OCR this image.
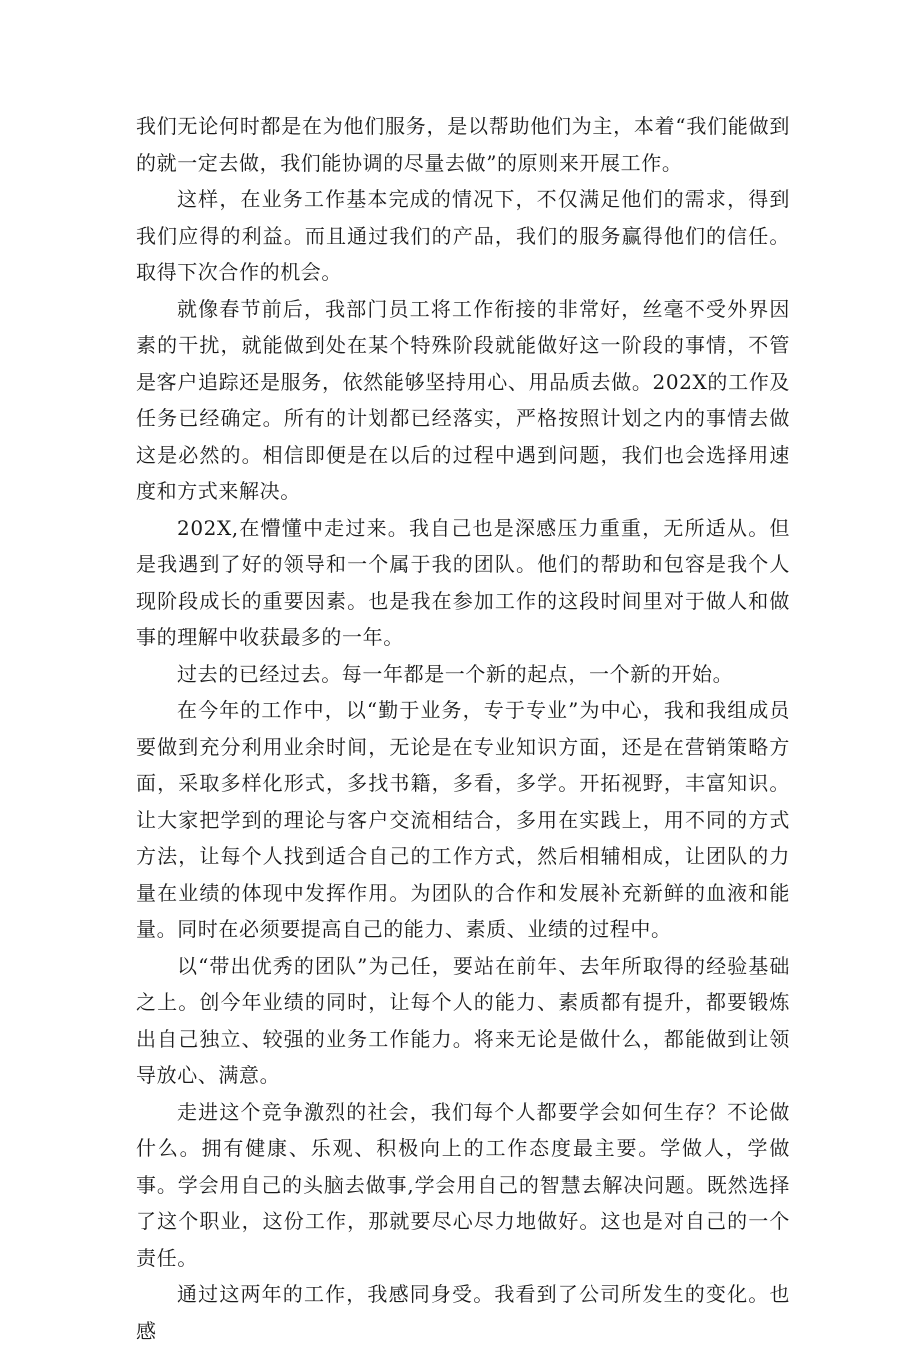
我们无论何时都是在为他们服务，是以帮助他们为主，本着“我们能做到的就一定去做，我们能协调的尽量去做”的原则来开展工作。

这样，在业务工作基本完成的情况下，不仅满足他们的需求，得到我们应得的利益。而且通过我们的产品，我们的服务赢得他们的信任。取得下次合作的机会。

就像春节前后，我部门员工将工作衔接的非常好，丝毫不受外界因素的干扰，就能做到处在某个特殊阶段就能做好这一阶段的事情，不管是客户追踪还是服务，依然能够坚持用心、用品质去做。202X的工作及任务已经确定。所有的计划都已经落实，严格按照计划之内的事情去做这是必然的。相信即便是在以后的过程中遇到问题，我们也会选择用速度和方式来解决。

202X,在懵懂中走过来。我自己也是深感压力重重，无所适从。但是我遇到了好的领导和一个属于我的团队。他们的帮助和包容是我个人现阶段成长的重要因素。也是我在参加工作的这段时间里对于做人和做事的理解中收获最多的一年。

过去的已经过去。每一年都是一个新的起点，一个新的开始。

在今年的工作中，以“勤于业务，专于专业”为中心，我和我组成员要做到充分利用业余时间，无论是在专业知识方面，还是在营销策略方面，采取多样化形式，多找书籍，多看，多学。开拓视野，丰富知识。让大家把学到的理论与客户交流相结合，多用在实践上，用不同的方式方法，让每个人找到适合自己的工作方式，然后相辅相成，让团队的力量在业绩的体现中发挥作用。为团队的合作和发展补充新鲜的血液和能量。同时在必须要提高自己的能力、素质、业绩的过程中。

以“带出优秀的团队”为己任，要站在前年、去年所取得的经验基础之上。创今年业绩的同时，让每个人的能力、素质都有提升，都要锻炼出自己独立、较强的业务工作能力。将来无论是做什么，都能做到让领导放心、满意。

走进这个竞争激烈的社会，我们每个人都要学会如何生存？不论做什么。拥有健康、乐观、积极向上的工作态度最主要。学做人，学做事。学会用自己的头脑去做事,学会用自己的智慧去解决问题。既然选择了这个职业，这份工作，那就要尽心尽力地做好。这也是对自己的一个责任。

通过这两年的工作，我感同身受。我看到了公司所发生的变化。也感
